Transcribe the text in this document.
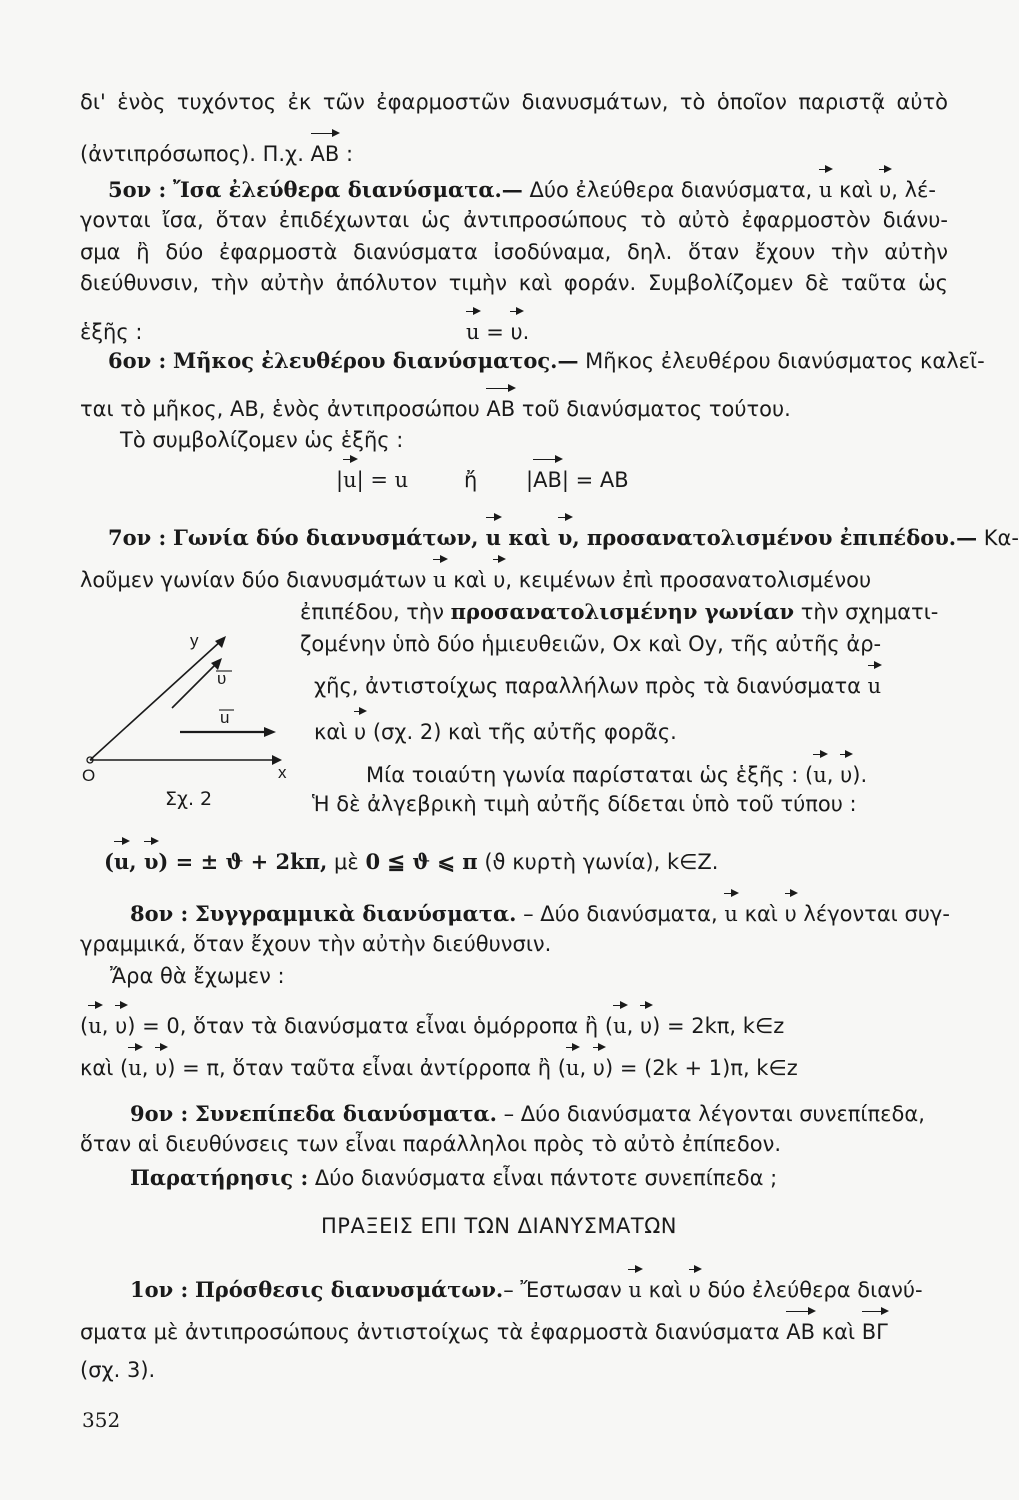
δι' ἑνὸς τυχόντος ἐκ τῶν ἐφαρμοστῶν διανυσμάτων, τὸ ὁποῖον παριστᾷ αὐτὸ
(ἀντιπρόσωπος). Π.χ. AB :
5ον : Ἴσα ἐλεύθερα διανύσματα.— Δύο ἐλεύθερα διανύσματα, u καὶ υ, λέ-
γονται ἴσα, ὅταν ἐπιδέχωνται ὡς ἀντιπροσώπους τὸ αὐτὸ ἐφαρμοστὸν διάνυ-
σμα ἢ δύο ἐφαρμοστὰ διανύσματα ἰσοδύναμα, δηλ. ὅταν ἔχουν τὴν αὐτὴν
διεύθυνσιν, τὴν αὐτὴν ἀπόλυτον τιμὴν καὶ φοράν. Συμβολίζομεν δὲ ταῦτα ὡς
ἑξῆς :	u = υ.
6ον : Μῆκος ἐλευθέρου διανύσματος.— Μῆκος ἐλευθέρου διανύσματος καλεῖ-
ται τὸ μῆκος, AB, ἑνὸς ἀντιπροσώπου AB τοῦ διανύσματος τούτου.
Τὸ συμβολίζομεν ὡς ἑξῆς :
|u| = u	ἤ |AB| = AB
7ον : Γωνία δύο διανυσμάτων, u καὶ υ, προσανατολισμένου ἐπιπέδου.— Κα-
λοῦμεν γωνίαν δύο διανυσμάτων u καὶ υ, κειμένων ἐπὶ προσανατολισμένου
ἐπιπέδου, τὴν προσανατολισμένην γωνίαν τὴν σχηματι-
ζομένην ὑπὸ δύο ἡμιευθειῶν, Ox καὶ Oy, τῆς αὐτῆς ἀρ-
χῆς, ἀντιστοίχως παραλλήλων πρὸς τὰ διανύσματα u
καὶ υ (σχ. 2) καὶ τῆς αὐτῆς φορᾶς.
Μία τοιαύτη γωνία παρίσταται ὡς ἑξῆς : (u, υ).
Ἡ δὲ ἀλγεβρικὴ τιμὴ αὐτῆς δίδεται ὑπὸ τοῦ τύπου :
O	x
y
υ
u
Σχ. 2
(u, υ) = ± ϑ + 2kπ, μὲ 0 ≦ ϑ ⩽ π (ϑ κυρτὴ γωνία), k∈Z.
8ον : Συγγραμμικὰ διανύσματα. – Δύο διανύσματα, u καὶ υ λέγονται συγ-
γραμμικά, ὅταν ἔχουν τὴν αὐτὴν διεύθυνσιν.
Ἄρα θὰ ἔχωμεν :
(u, υ) = 0, ὅταν τὰ διανύσματα εἶναι ὁμόρροπα ἢ (u, υ) = 2kπ, k∈z
καὶ (u, υ) = π, ὅταν ταῦτα εἶναι ἀντίρροπα ἢ (u, υ) = (2k + 1)π, k∈z
9ον : Συνεπίπεδα διανύσματα. – Δύο διανύσματα λέγονται συνεπίπεδα,
ὅταν αἱ διευθύνσεις των εἶναι παράλληλοι πρὸς τὸ αὐτὸ ἐπίπεδον.
Παρατήρησις : Δύο διανύσματα εἶναι πάντοτε συνεπίπεδα ;
ΠΡΑΞΕΙΣ ΕΠΙ ΤΩΝ ΔΙΑΝΥΣΜΑΤΩΝ
1ον : Πρόσθεσις διανυσμάτων.– Ἔστωσαν u καὶ υ δύο ἐλεύθερα διανύ-
σματα μὲ ἀντιπροσώπους ἀντιστοίχως τὰ ἐφαρμοστὰ διανύσματα AB καὶ BΓ
(σχ. 3).
352
